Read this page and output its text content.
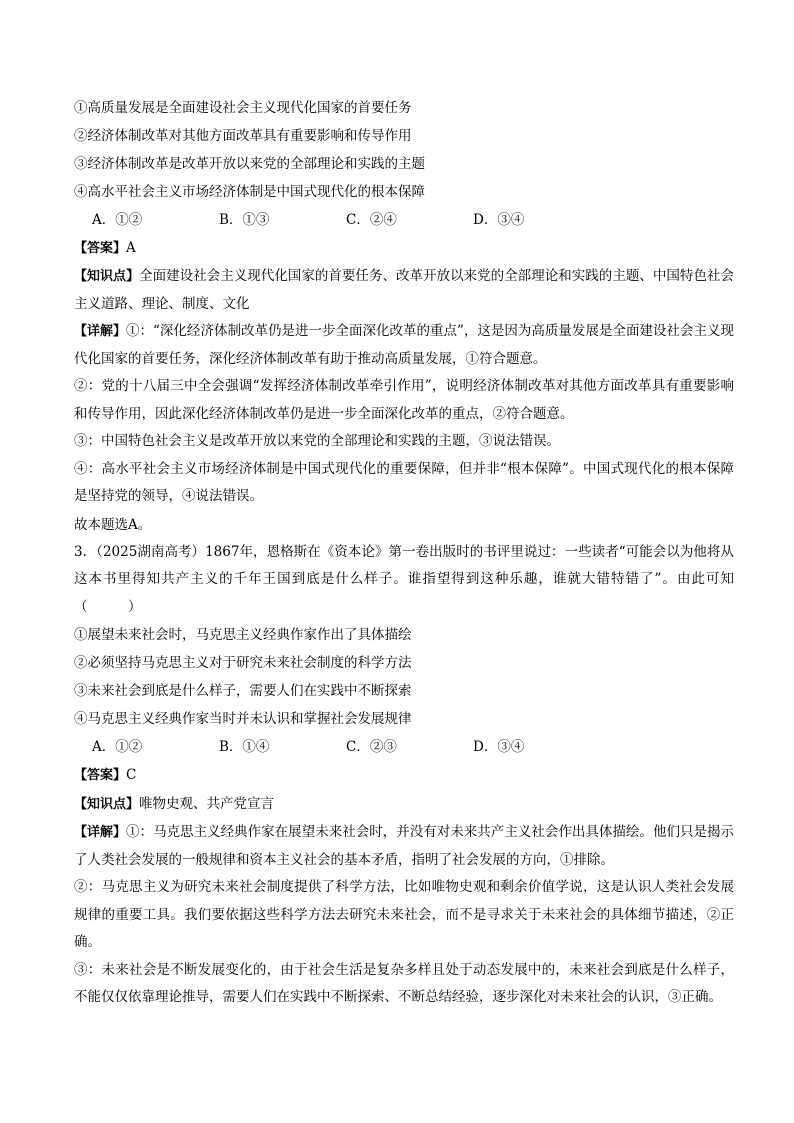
①高质量发展是全面建设社会主义现代化国家的首要任务

②经济体制改革对其他方面改革具有重要影响和传导作用

③经济体制改革是改革开放以来党的全部理论和实践的主题

④高水平社会主义市场经济体制是中国式现代化的根本保障

A．①②	B．①③	C．②④	D．③④

【答案】A

【知识点】全面建设社会主义现代化国家的首要任务、改革开放以来党的全部理论和实践的主题、中国特色社会主义道路、理论、制度、文化

【详解】①：“深化经济体制改革仍是进一步全面深化改革的重点”，这是因为高质量发展是全面建设社会主义现代化国家的首要任务，深化经济体制改革有助于推动高质量发展，①符合题意。

②：党的十八届三中全会强调“发挥经济体制改革牵引作用”，说明经济体制改革对其他方面改革具有重要影响和传导作用，因此深化经济体制改革仍是进一步全面深化改革的重点，②符合题意。

③：中国特色社会主义是改革开放以来党的全部理论和实践的主题，③说法错误。

④：高水平社会主义市场经济体制是中国式现代化的重要保障，但并非“根本保障”。中国式现代化的根本保障是坚持党的领导，④说法错误。

故本题选A。

3．（2025湖南高考）1867年，恩格斯在《资本论》第一卷出版时的书评里说过：一些读者“可能会以为他将从这本书里得知共产主义的千年王国到底是什么样子。谁指望得到这种乐趣，谁就大错特错了”。由此可知（　　　）

①展望未来社会时，马克思主义经典作家作出了具体描绘

②必须坚持马克思主义对于研究未来社会制度的科学方法

③未来社会到底是什么样子，需要人们在实践中不断探索

④马克思主义经典作家当时并未认识和掌握社会发展规律

A．①②	B．①④	C．②③	D．③④

【答案】C

【知识点】唯物史观、共产党宣言

【详解】①：马克思主义经典作家在展望未来社会时，并没有对未来共产主义社会作出具体描绘。他们只是揭示了人类社会发展的一般规律和资本主义社会的基本矛盾，指明了社会发展的方向，①排除。

②：马克思主义为研究未来社会制度提供了科学方法，比如唯物史观和剩余价值学说，这是认识人类社会发展规律的重要工具。我们要依据这些科学方法去研究未来社会，而不是寻求关于未来社会的具体细节描述，②正确。

③：未来社会是不断发展变化的，由于社会生活是复杂多样且处于动态发展中的，未来社会到底是什么样子，不能仅仅依靠理论推导，需要人们在实践中不断探索、不断总结经验，逐步深化对未来社会的认识，③正确。
